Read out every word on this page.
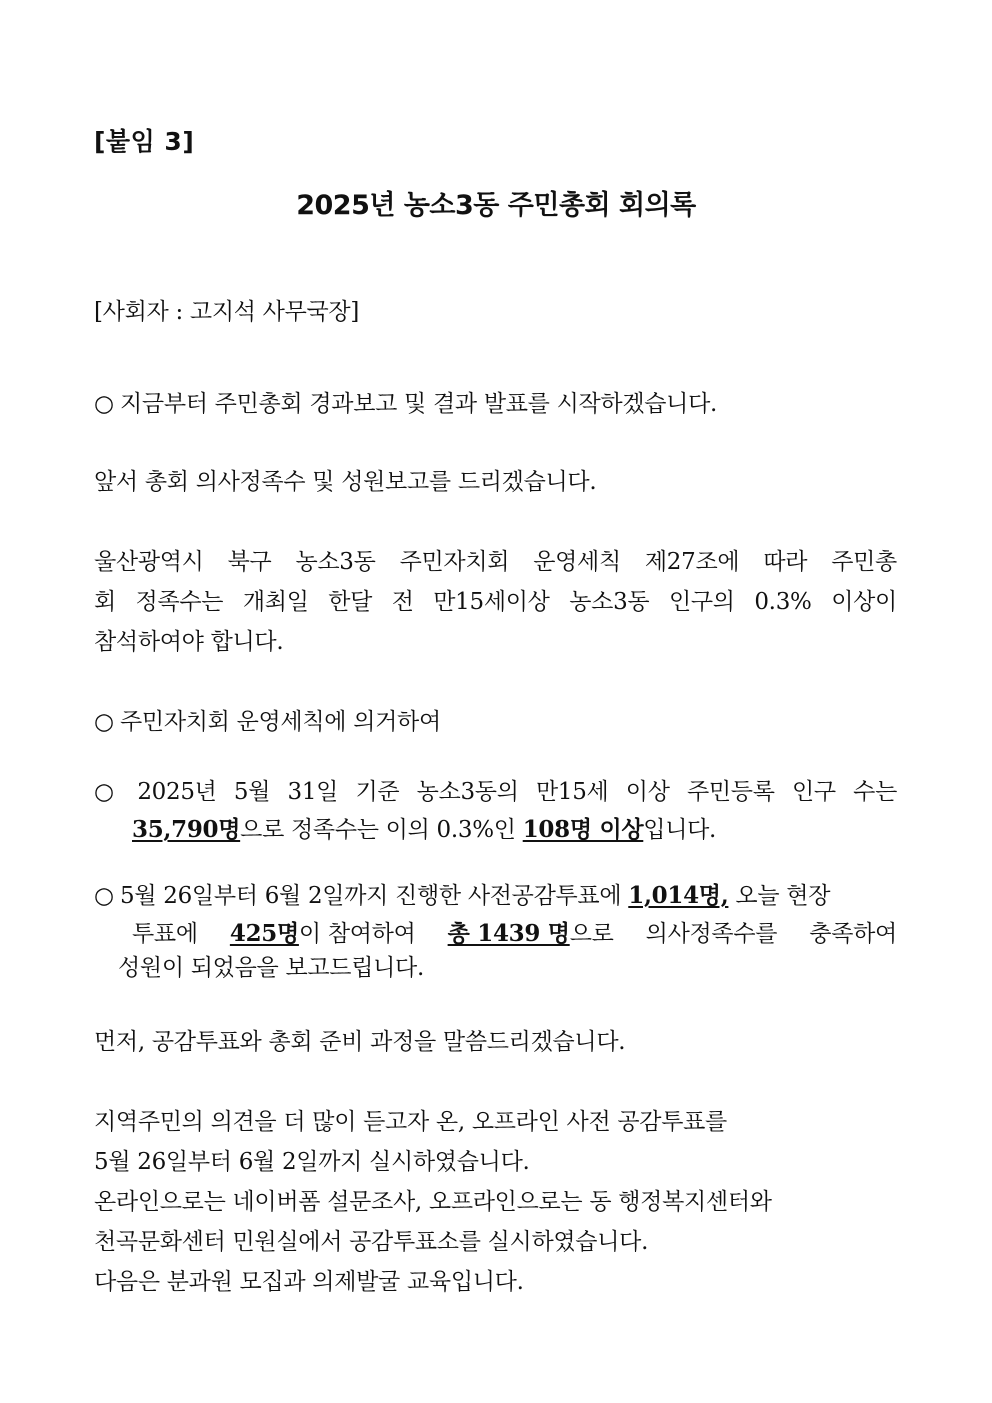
[붙임 3]
2025년 농소3동 주민총회 회의록
[사회자 : 고지석 사무국장]
○ 지금부터 주민총회 경과보고 및 결과 발표를 시작하겠습니다.
앞서 총회 의사정족수 및 성원보고를 드리겠습니다.
울산광역시 북구 농소3동 주민자치회 운영세칙 제27조에 따라 주민총
회 정족수는 개최일 한달 전 만15세이상 농소3동 인구의 0.3% 이상이
참석하여야 합니다.
○ 주민자치회 운영세칙에 의거하여
○ 2025년 5월 31일 기준 농소3동의 만15세 이상 주민등록 인구 수는
35,790명으로 정족수는 이의 0.3%인 108명 이상입니다.
○ 5월 26일부터 6월 2일까지 진행한 사전공감투표에 1,014명, 오늘 현장
투표에 425명이 참여하여 총 1439 명으로 의사정족수를 충족하여
성원이 되었음을 보고드립니다.
먼저, 공감투표와 총회 준비 과정을 말씀드리겠습니다.
지역주민의 의견을 더 많이 듣고자 온, 오프라인 사전 공감투표를
5월 26일부터 6월 2일까지 실시하였습니다.
온라인으로는 네이버폼 설문조사, 오프라인으로는 동 행정복지센터와
천곡문화센터 민원실에서 공감투표소를 실시하였습니다.
다음은 분과원 모집과 의제발굴 교육입니다.
